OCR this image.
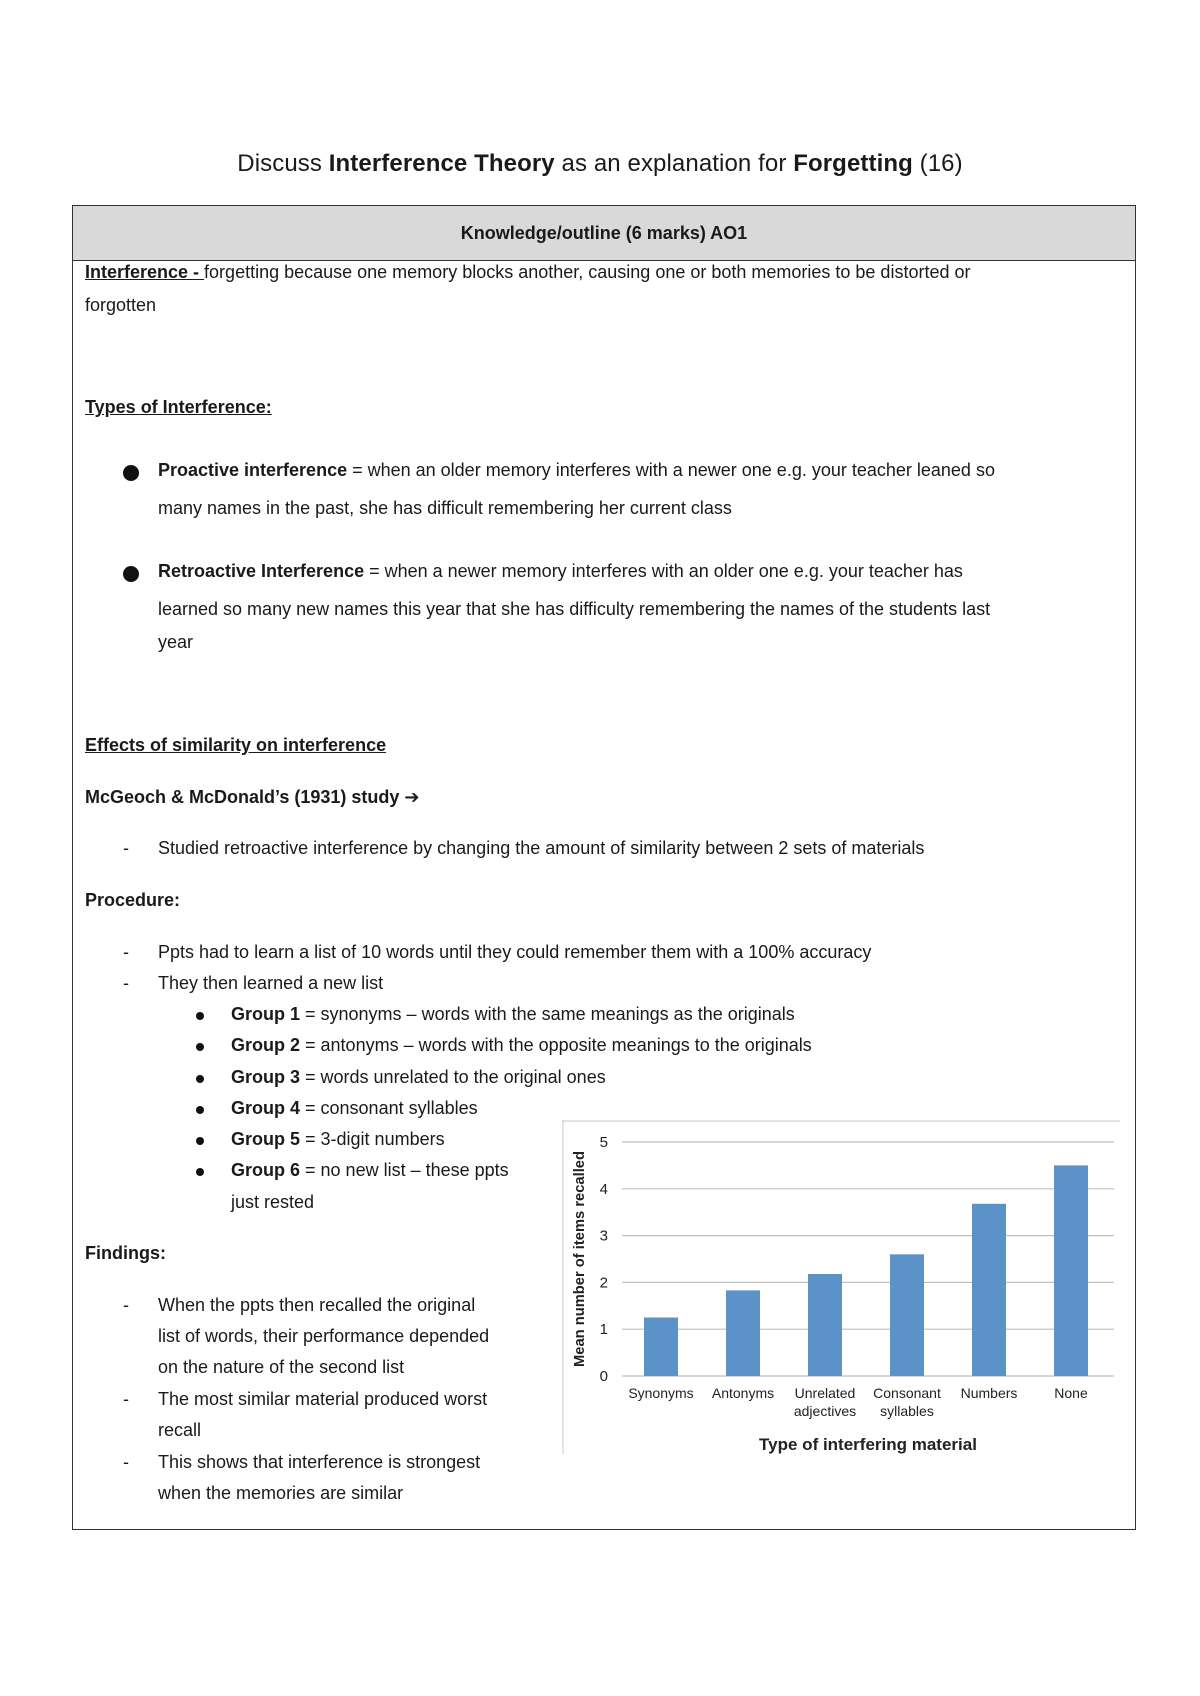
Discuss Interference Theory as an explanation for Forgetting (16)
Knowledge/outline (6 marks) AO1
Interference - forgetting because one memory blocks another, causing one or both memories to be distorted or
forgotten
Types of Interference:
Proactive interference = when an older memory interferes with a newer one e.g. your teacher leaned so
many names in the past, she has difficult remembering her current class
Retroactive Interference = when a newer memory interferes with an older one e.g. your teacher has
learned so many new names this year that she has difficulty remembering the names of the students last
year
Effects of similarity on interference
McGeoch & McDonald’s (1931) study ➔
- Studied retroactive interference by changing the amount of similarity between 2 sets of materials
Procedure:
- Ppts had to learn a list of 10 words until they could remember them with a 100% accuracy
- They then learned a new list
Group 1 = synonyms – words with the same meanings as the originals
Group 2 = antonyms – words with the opposite meanings to the originals
Group 3 = words unrelated to the original ones
Group 4 = consonant syllables
Group 5 = 3-digit numbers
Group 6 = no new list – these ppts
just rested
Findings:
- When the ppts then recalled the original
list of words, their performance depended
on the nature of the second list
- The most similar material produced worst
recall
- This shows that interference is strongest
when the memories are similar
0
1
2
3
4
5
Mean number of items recalled
Synonyms Antonyms Unrelated adjectives
Consonant syllables
Numbers	None
Type of interfering material
